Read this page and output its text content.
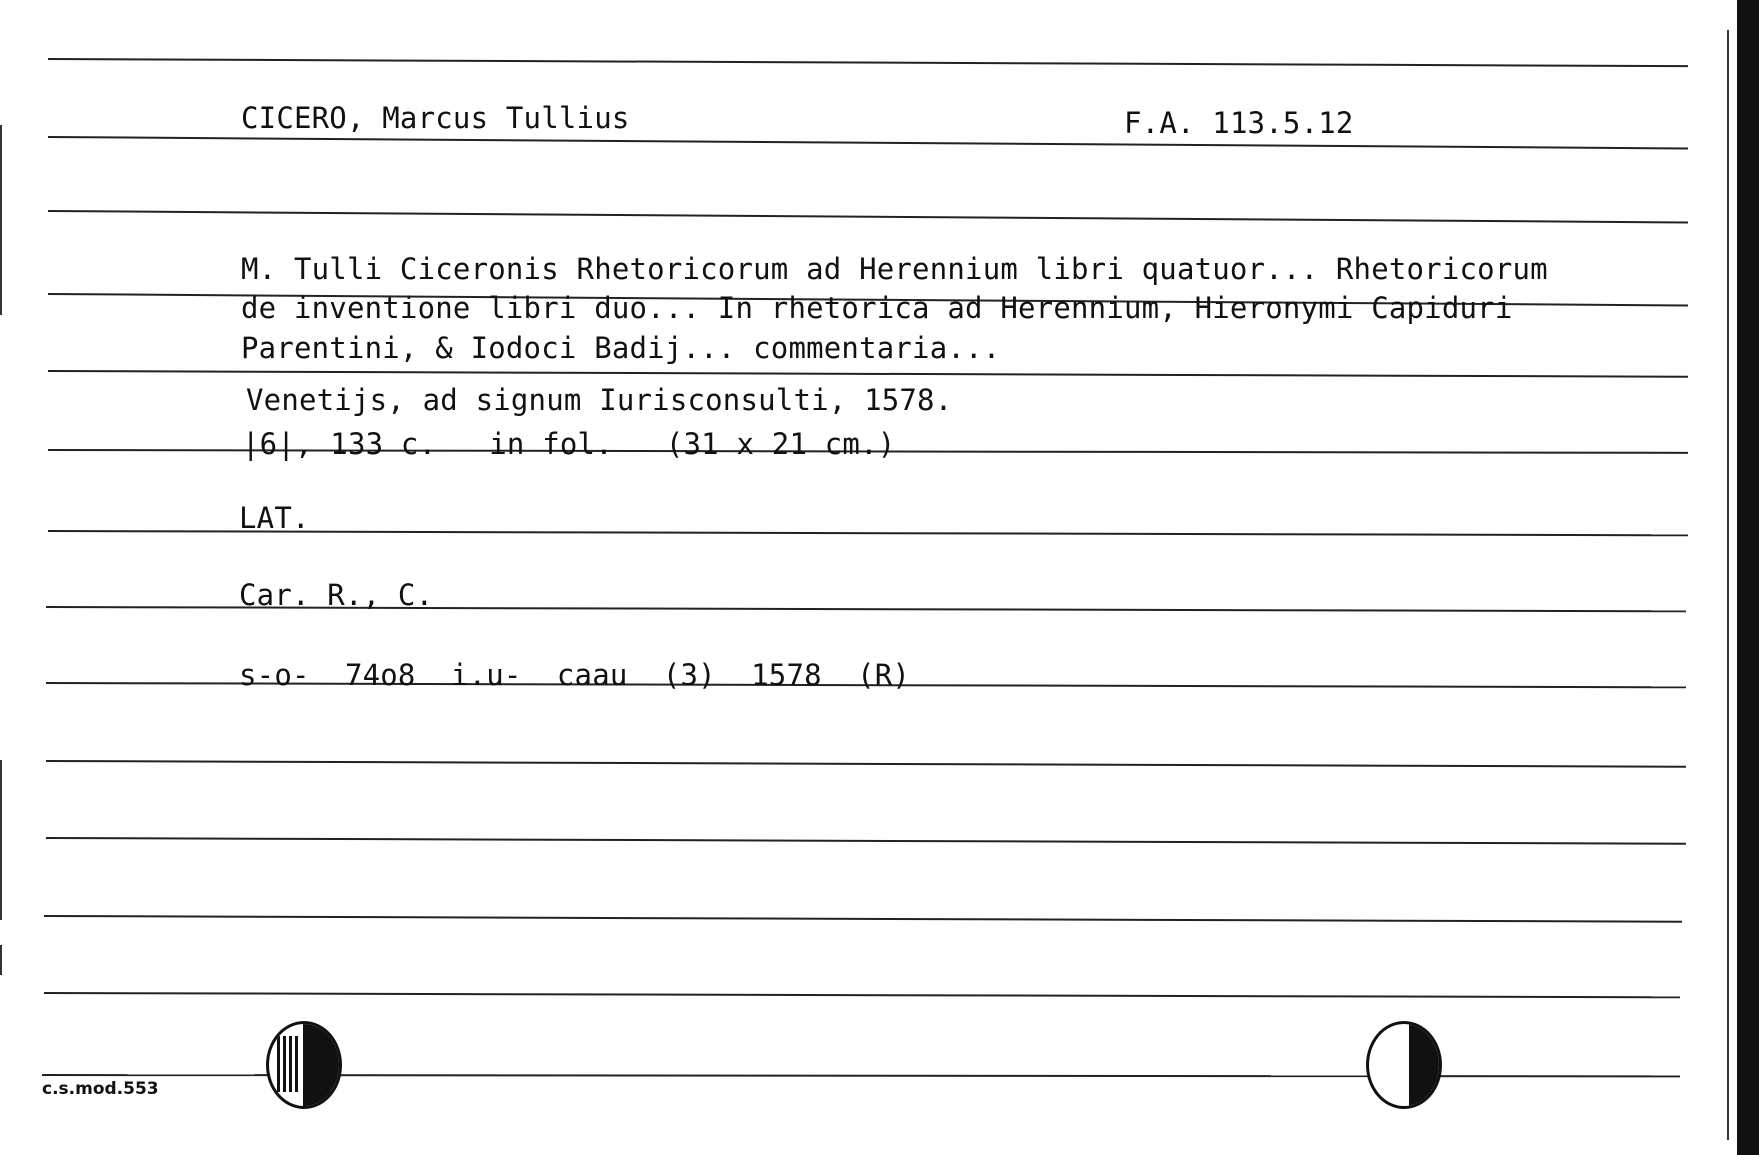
CICERO, Marcus Tullius	F.A. 113.5.12
M. Tulli Ciceronis Rhetoricorum ad Herennium libri quatuor... Rhetoricorum
de inventione libri duo... In rhetorica ad Herennium, Hieronymi Capiduri
Parentini, & Iodoci Badij... commentaria...
Venetijs, ad signum Iurisconsulti, 1578.
|6|, 133 c.   in fol.   (31 x 21 cm.)
LAT.
Car. R., C.
s-o-  74o8  i.u-  caau  (3)  1578  (R)
c.s.mod.553
